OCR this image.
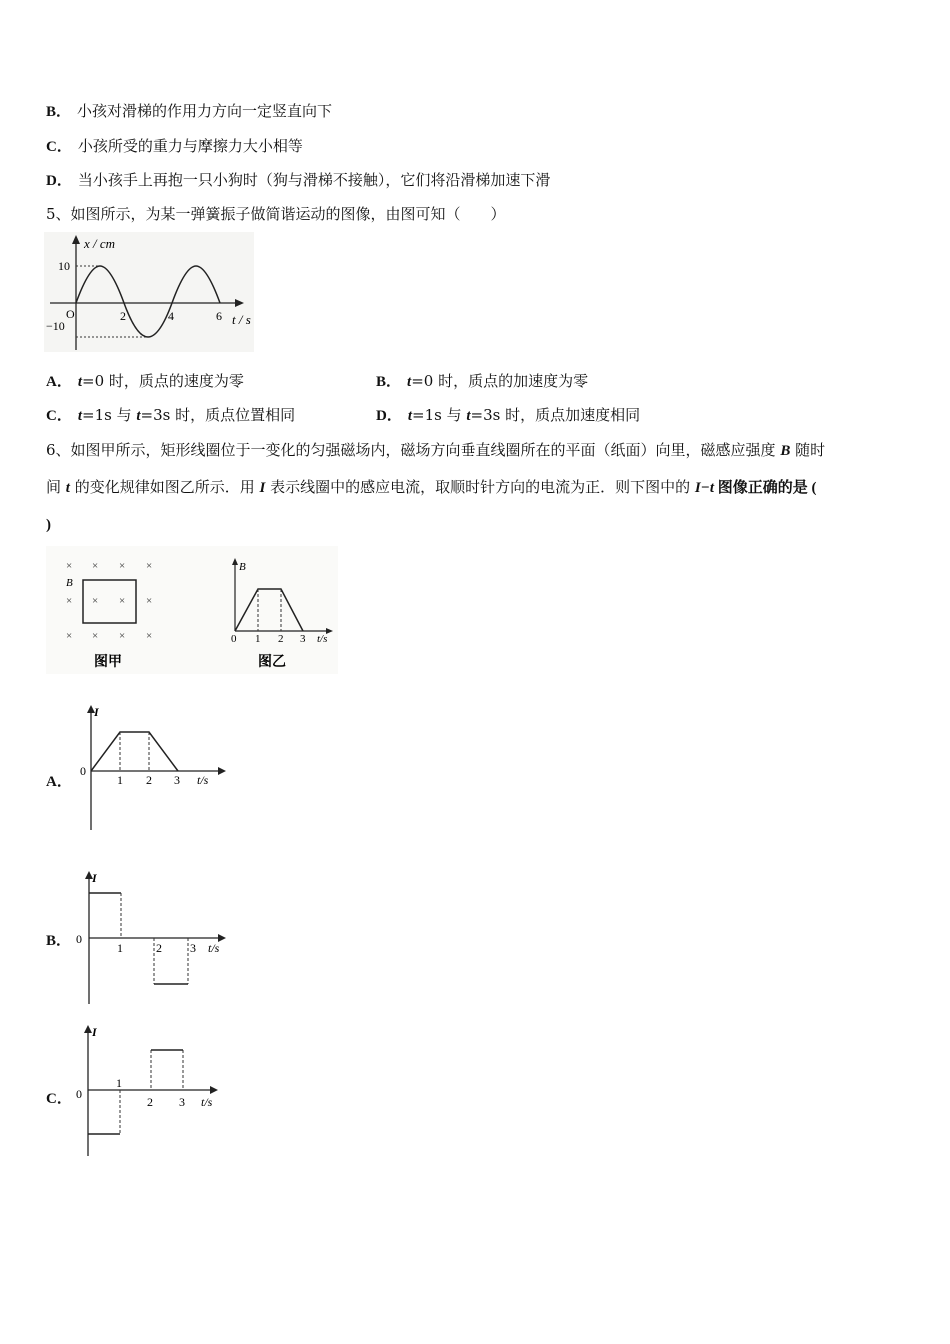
B． 小孩对滑梯的作用力方向一定竖直向下
C． 小孩所受的重力与摩擦力大小相等
D． 当小孩手上再抱一只小狗时（狗与滑梯不接触），它们将沿滑梯加速下滑
5、如图所示，为某一弹簧振子做简谐运动的图像，由图可知（　　）
x / cm
10
−10
O	2	4	6 t / s
A． t=0 时，质点的速度为零	B． t=0 时，质点的加速度为零
C． t=1s 与 t=3s 时，质点位置相同	D． t=1s 与 t=3s 时，质点加速度相同
6、如图甲所示，矩形线圈位于一变化的匀强磁场内，磁场方向垂直线圈所在的平面（纸面）向里，磁感应强度 B 随时
间 t 的变化规律如图乙所示．用 I 表示线圈中的感应电流，取顺时针方向的电流为正．则下图中的 I−t 图像正确的是 (
)
× × × ×
× × × ×
× × × ×
B
图甲
B
0 1 2 3 t/s
图乙
A．
I
0
1 2 3 t/s
B．
I
0
1	2 3 t/s
C．
I
0
1
2 3 t/s
